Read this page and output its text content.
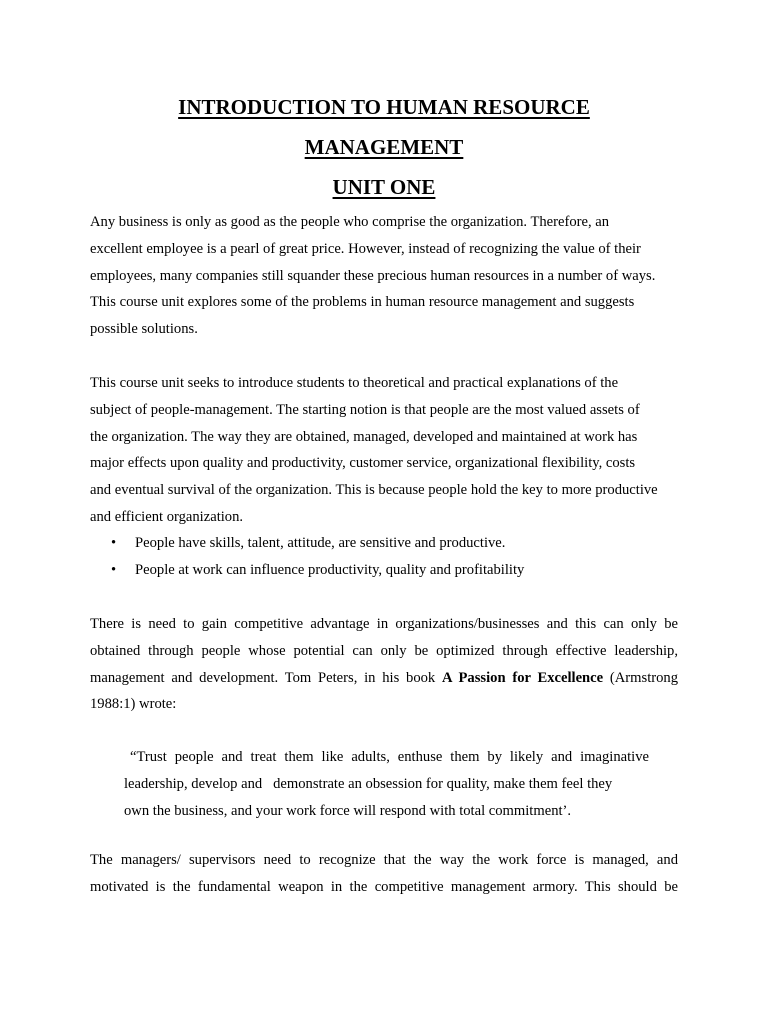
INTRODUCTION TO HUMAN RESOURCE
MANAGEMENT
UNIT ONE
Any business is only as good as the people who comprise the organization. Therefore, an
excellent employee is a pearl of great price. However, instead of recognizing the value of their
employees, many companies still squander these precious human resources in a number of ways.
This course unit explores some of the problems in human resource management and suggests
possible solutions.
This course unit seeks to introduce students to theoretical and practical explanations of the
subject of people-management. The starting notion is that people are the most valued assets of
the organization. The way they are obtained, managed, developed and maintained at work has
major effects upon quality and productivity, customer service, organizational flexibility, costs
and eventual survival of the organization. This is because people hold the key to more productive
and efficient organization.
• People have skills, talent, attitude, are sensitive and productive.
• People at work can influence productivity, quality and profitability
There is need to gain competitive advantage in organizations/businesses and this can only be
obtained through people whose potential can only be optimized through effective leadership,
management and development. Tom Peters, in his book A Passion for Excellence (Armstrong
1988:1) wrote:
“Trust people and treat them like adults, enthuse them by likely and imaginative
leadership, develop and   demonstrate an obsession for quality, make them feel they
own the business, and your work force will respond with total commitment’.
The managers/ supervisors need to recognize that the way the work force is managed, and
motivated is the fundamental weapon in the competitive management armory. This should be
